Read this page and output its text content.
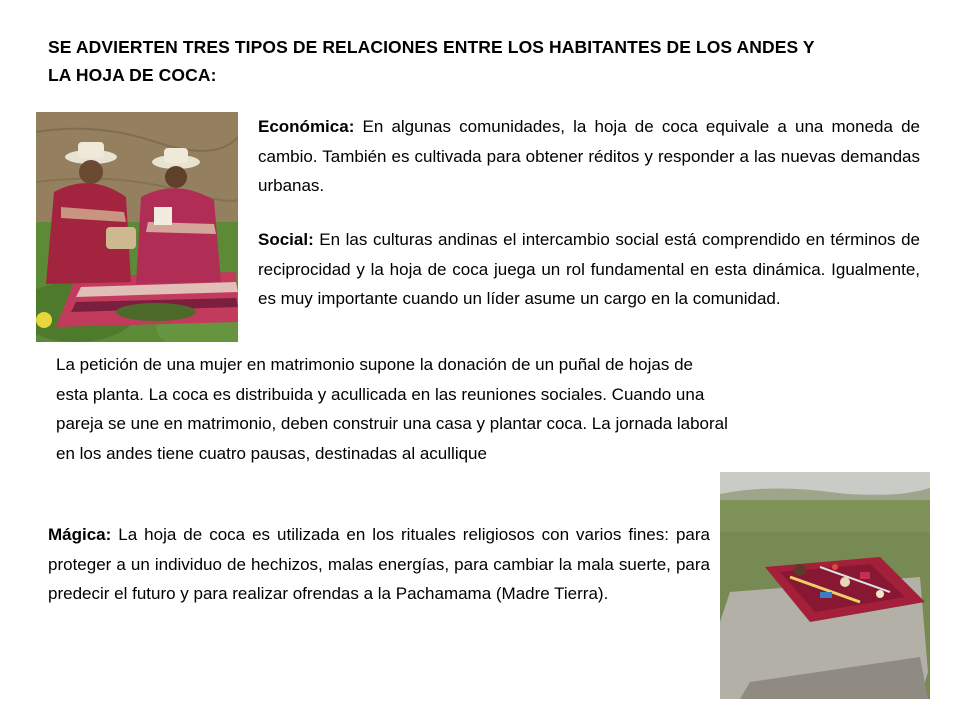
SE ADVIERTEN TRES TIPOS DE RELACIONES ENTRE LOS HABITANTES DE LOS ANDES Y
LA HOJA DE COCA:
Económica: En algunas comunidades, la hoja de coca equivale a una moneda de cambio. También es cultivada para obtener réditos y responder a las nuevas demandas urbanas.
Social: En las culturas andinas el intercambio social está comprendido en términos de reciprocidad y la hoja de coca juega un rol fundamental en esta dinámica. Igualmente, es muy importante cuando un líder asume un cargo en la comunidad.
La petición de una mujer en matrimonio supone la donación de un puñal de hojas de
esta planta. La coca es distribuida y acullicada en las reuniones sociales. Cuando una
pareja se une en matrimonio, deben construir una casa y plantar coca. La jornada laboral
en los andes tiene cuatro pausas, destinadas al acullique
Mágica: La hoja de coca es utilizada en los rituales religiosos con varios fines: para proteger a un individuo de hechizos, malas energías, para cambiar la mala suerte, para predecir el futuro y para realizar ofrendas a la Pachamama (Madre Tierra).
